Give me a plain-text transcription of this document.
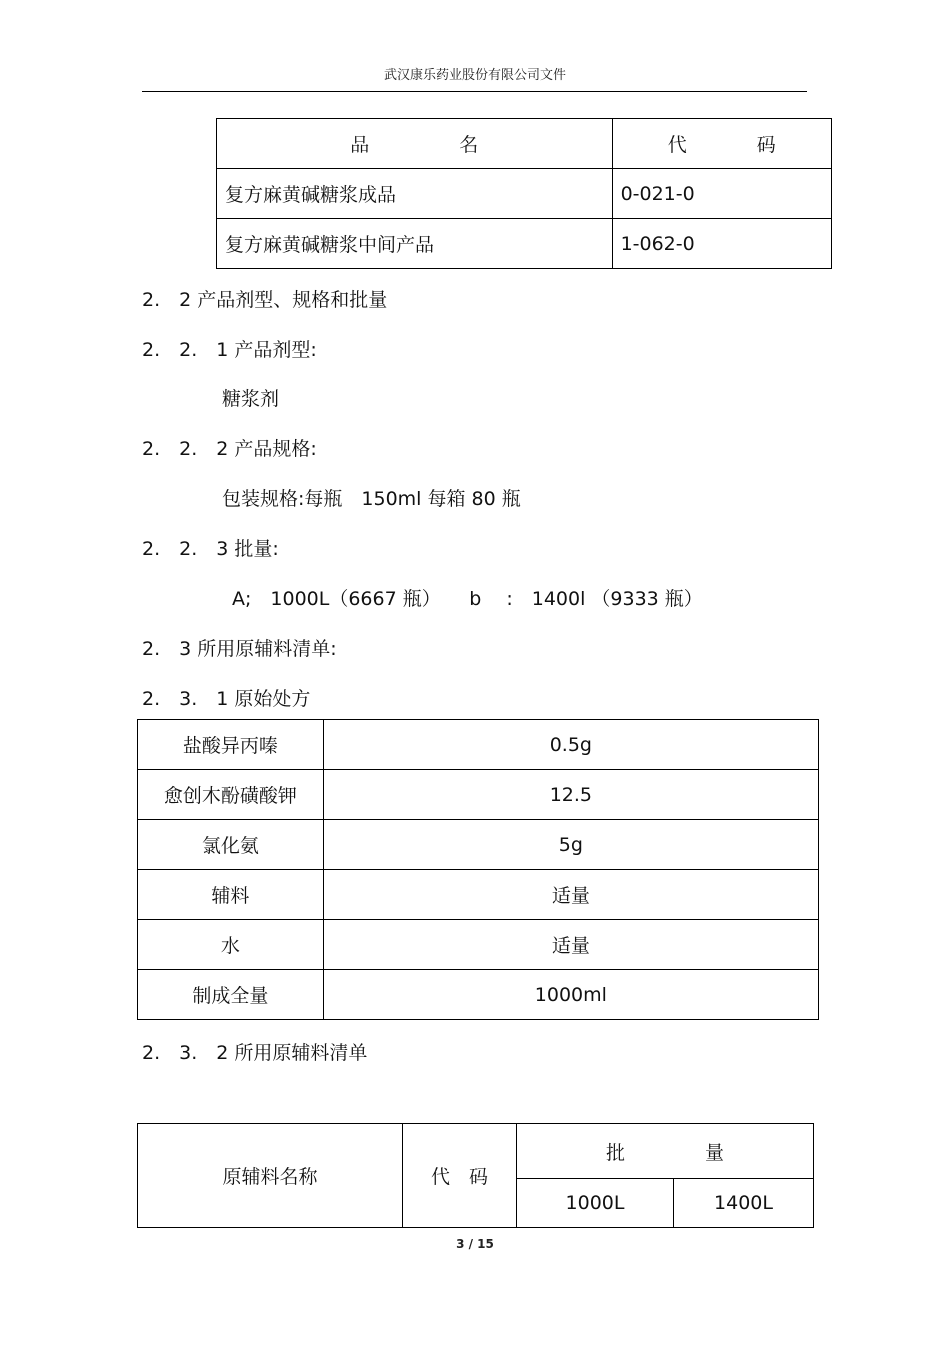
武汉康乐药业股份有限公司文件
品 名	代 码
复方麻黄碱糖浆成品	0-021-0
复方麻黄碱糖浆中间产品	1-062-0
2.　2 产品剂型、规格和批量
2.　2.　1 产品剂型:
糖浆剂
2.　2.　2 产品规格:
包装规格:每瓶　150ml 每箱 80 瓶
2.　2.　3 批量:
A;　1000L（6667 瓶）　　b　 :　1400l （9333 瓶）
2.　3 所用原辅料清单:
2.　3.　1 原始处方
盐酸异丙嗪	0.5g
愈创木酚磺酸钾	12.5
氯化氨	5g
辅料	适量
水	适量
制成全量	1000ml
2.　3.　2 所用原辅料清单
原辅料名称	代　码	批 量	
		1000L	1400L
3 / 15
